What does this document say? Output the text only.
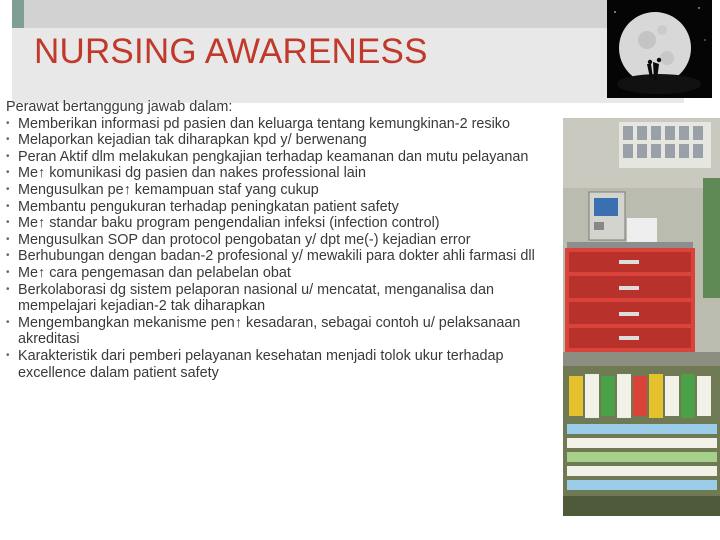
NURSING AWARENESS

Perawat bertanggung jawab dalam:

• Memberikan informasi pd pasien dan keluarga tentang kemungkinan-2 resiko
• Melaporkan kejadian tak diharapkan kpd y/ berwenang
• Peran Aktif dlm melakukan pengkajian terhadap keamanan dan mutu pelayanan
• Me↑ komunikasi dg pasien dan nakes professional lain
• Mengusulkan pe↑ kemampuan staf yang cukup
• Membantu pengukuran terhadap peningkatan patient safety
• Me↑ standar baku program pengendalian infeksi (infection control)
• Mengusulkan SOP dan protocol pengobatan y/ dpt me(-) kejadian error
• Berhubungan dengan badan-2 profesional y/ mewakili para dokter ahli farmasi dll
• Me↑ cara pengemasan dan pelabelan obat
• Berkolaborasi dg sistem pelaporan nasional u/ mencatat, menganalisa dan mempelajari kejadian-2 tak diharapkan
• Mengembangkan mekanisme pen↑ kesadaran, sebagai contoh u/ pelaksanaan akreditasi
• Karakteristik dari pemberi pelayanan kesehatan menjadi tolok ukur terhadap excellence dalam patient safety
